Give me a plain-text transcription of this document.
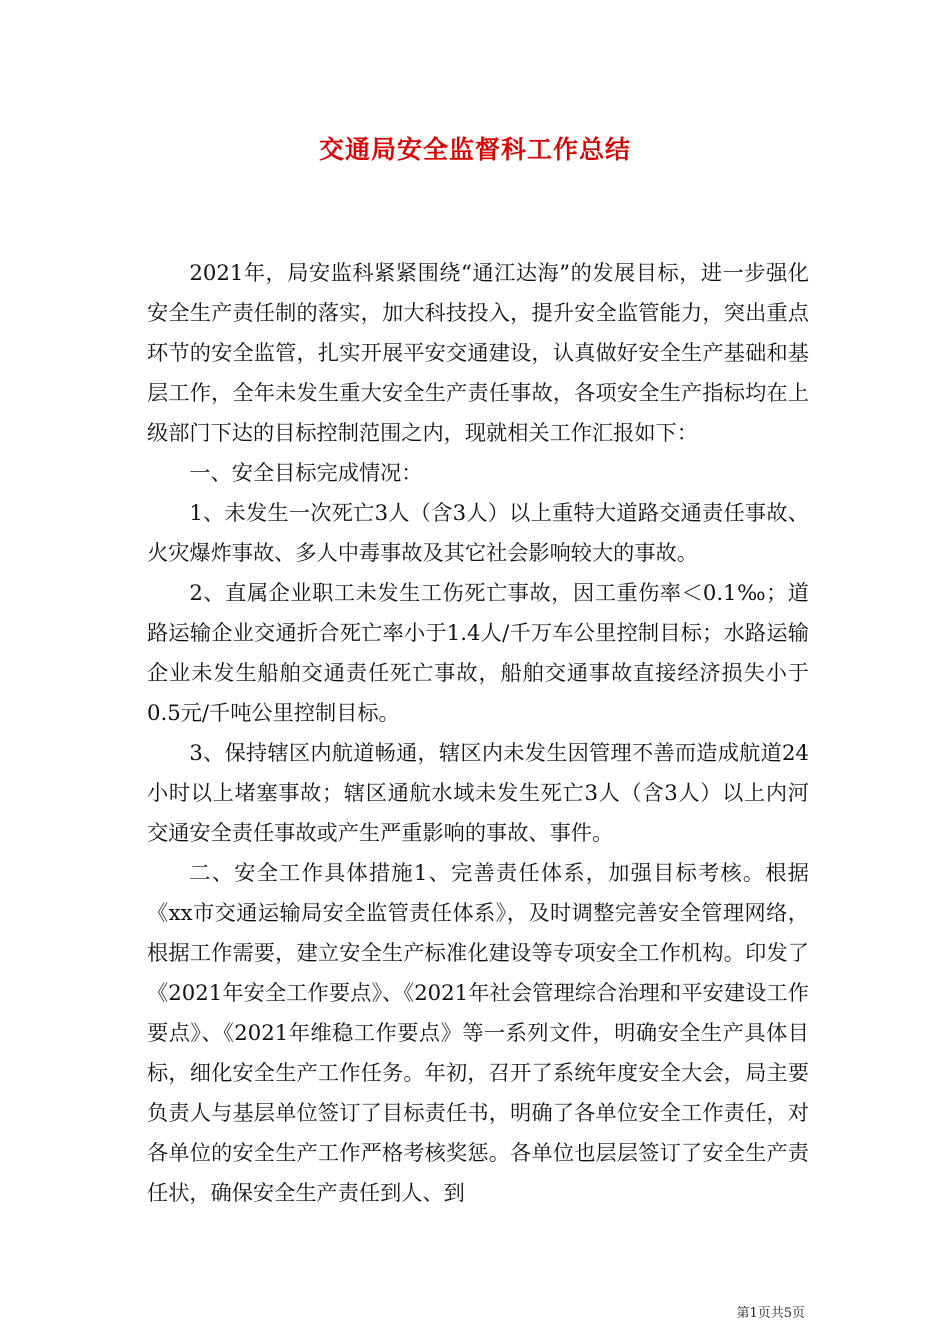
交通局安全监督科工作总结

2021年，局安监科紧紧围绕“通江达海”的发展目标，进一步强化安全生产责任制的落实，加大科技投入，提升安全监管能力，突出重点环节的安全监管，扎实开展平安交通建设，认真做好安全生产基础和基层工作，全年未发生重大安全生产责任事故，各项安全生产指标均在上级部门下达的目标控制范围之内，现就相关工作汇报如下：

一、安全目标完成情况：

1、未发生一次死亡3人（含3人）以上重特大道路交通责任事故、火灾爆炸事故、多人中毒事故及其它社会影响较大的事故。

2、直属企业职工未发生工伤死亡事故，因工重伤率＜0.1‰；道路运输企业交通折合死亡率小于1.4人/千万车公里控制目标；水路运输企业未发生船舶交通责任死亡事故，船舶交通事故直接经济损失小于0.5元/千吨公里控制目标。

3、保持辖区内航道畅通，辖区内未发生因管理不善而造成航道24小时以上堵塞事故；辖区通航水域未发生死亡3人（含3人）以上内河交通安全责任事故或产生严重影响的事故、事件。

二、安全工作具体措施1、完善责任体系，加强目标考核。根据《xx市交通运输局安全监管责任体系》，及时调整完善安全管理网络，根据工作需要，建立安全生产标准化建设等专项安全工作机构。印发了《2021年安全工作要点》、《2021年社会管理综合治理和平安建设工作要点》、《2021年维稳工作要点》等一系列文件，明确安全生产具体目标，细化安全生产工作任务。年初，召开了系统年度安全大会，局主要负责人与基层单位签订了目标责任书，明确了各单位安全工作责任，对各单位的安全生产工作严格考核奖惩。各单位也层层签订了安全生产责任状，确保安全生产责任到人、到

第1页共5页
